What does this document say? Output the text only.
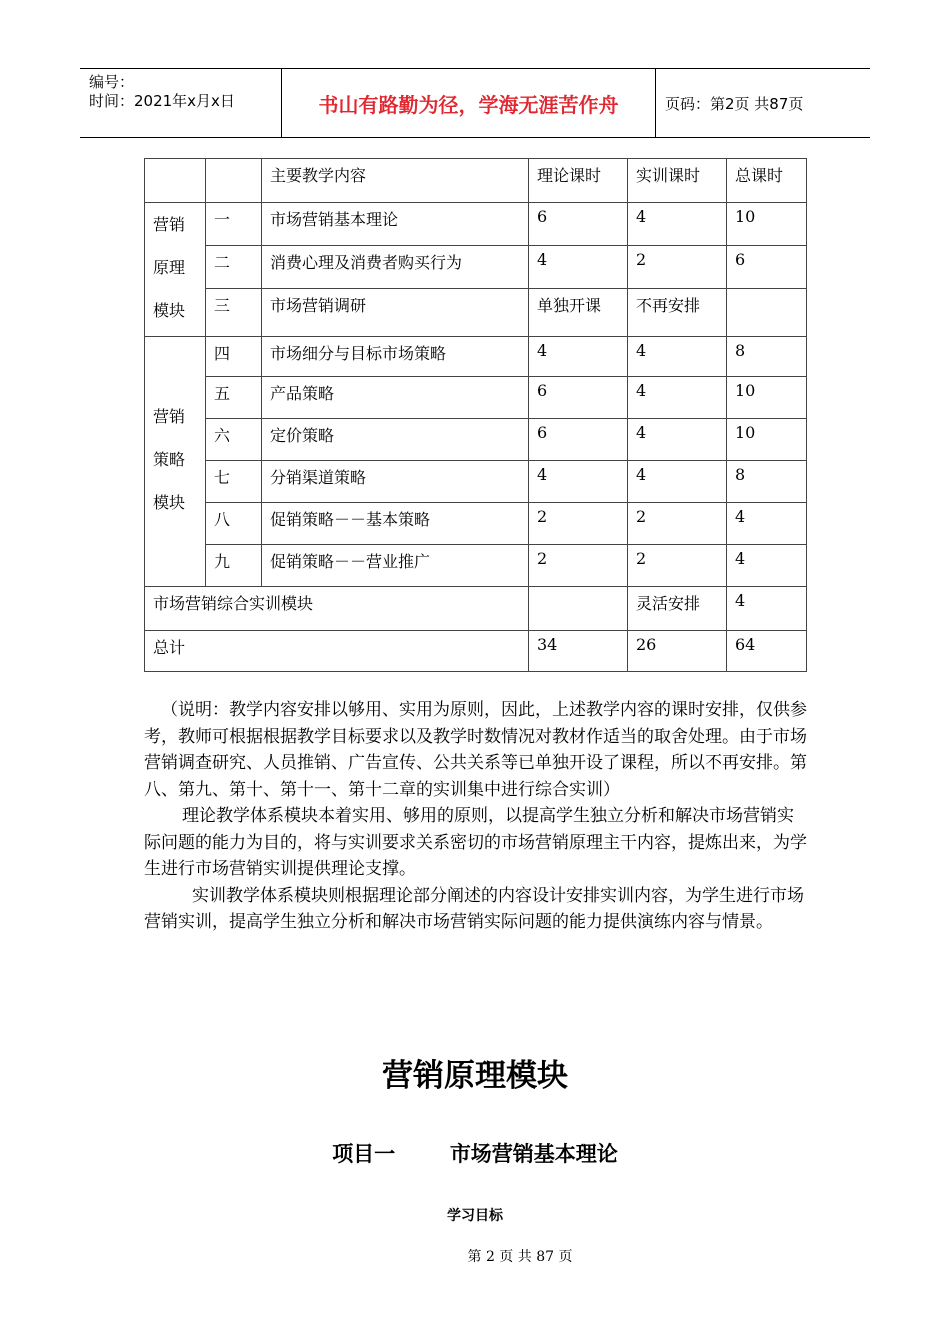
编号：
时间：2021年x月x日	书山有路勤为径，学海无涯苦作舟	页码：第2页 共87页
		主要教学内容	理论课时	实训课时	总课时
营销
原理
模块	一	市场营销基本理论	6	4	10
	二	消费心理及消费者购买行为	4	2	6
	三	市场营销调研	单独开课	不再安排	
营销
策略
模块	四	市场细分与目标市场策略	4	4	8
	五	产品策略	6	4	10
	六	定价策略	6	4	10
	七	分销渠道策略	4	4	8
	八	促销策略－－基本策略	2	2	4
	九	促销策略－－营业推广	2	2	4
市场营销综合实训模块				灵活安排	4
总计			34	26	64

（说明：教学内容安排以够用、实用为原则，因此，上述教学内容的课时安排，仅供参考，教师可根据根据教学目标要求以及教学时数情况对教材作适当的取舍处理。由于市场营销调查研究、人员推销、广告宣传、公共关系等已单独开设了课程，所以不再安排。第八、第九、第十、第十一、第十二章的实训集中进行综合实训）

理论教学体系模块本着实用、够用的原则，以提高学生独立分析和解决市场营销实际问题的能力为目的，将与实训要求关系密切的市场营销原理主干内容，提炼出来，为学生进行市场营销实训提供理论支撑。

实训教学体系模块则根据理论部分阐述的内容设计安排实训内容，为学生进行市场营销实训，提高学生独立分析和解决市场营销实际问题的能力提供演练内容与情景。

营销原理模块
项目一	市场营销基本理论
学习目标
第 2 页 共 87 页
